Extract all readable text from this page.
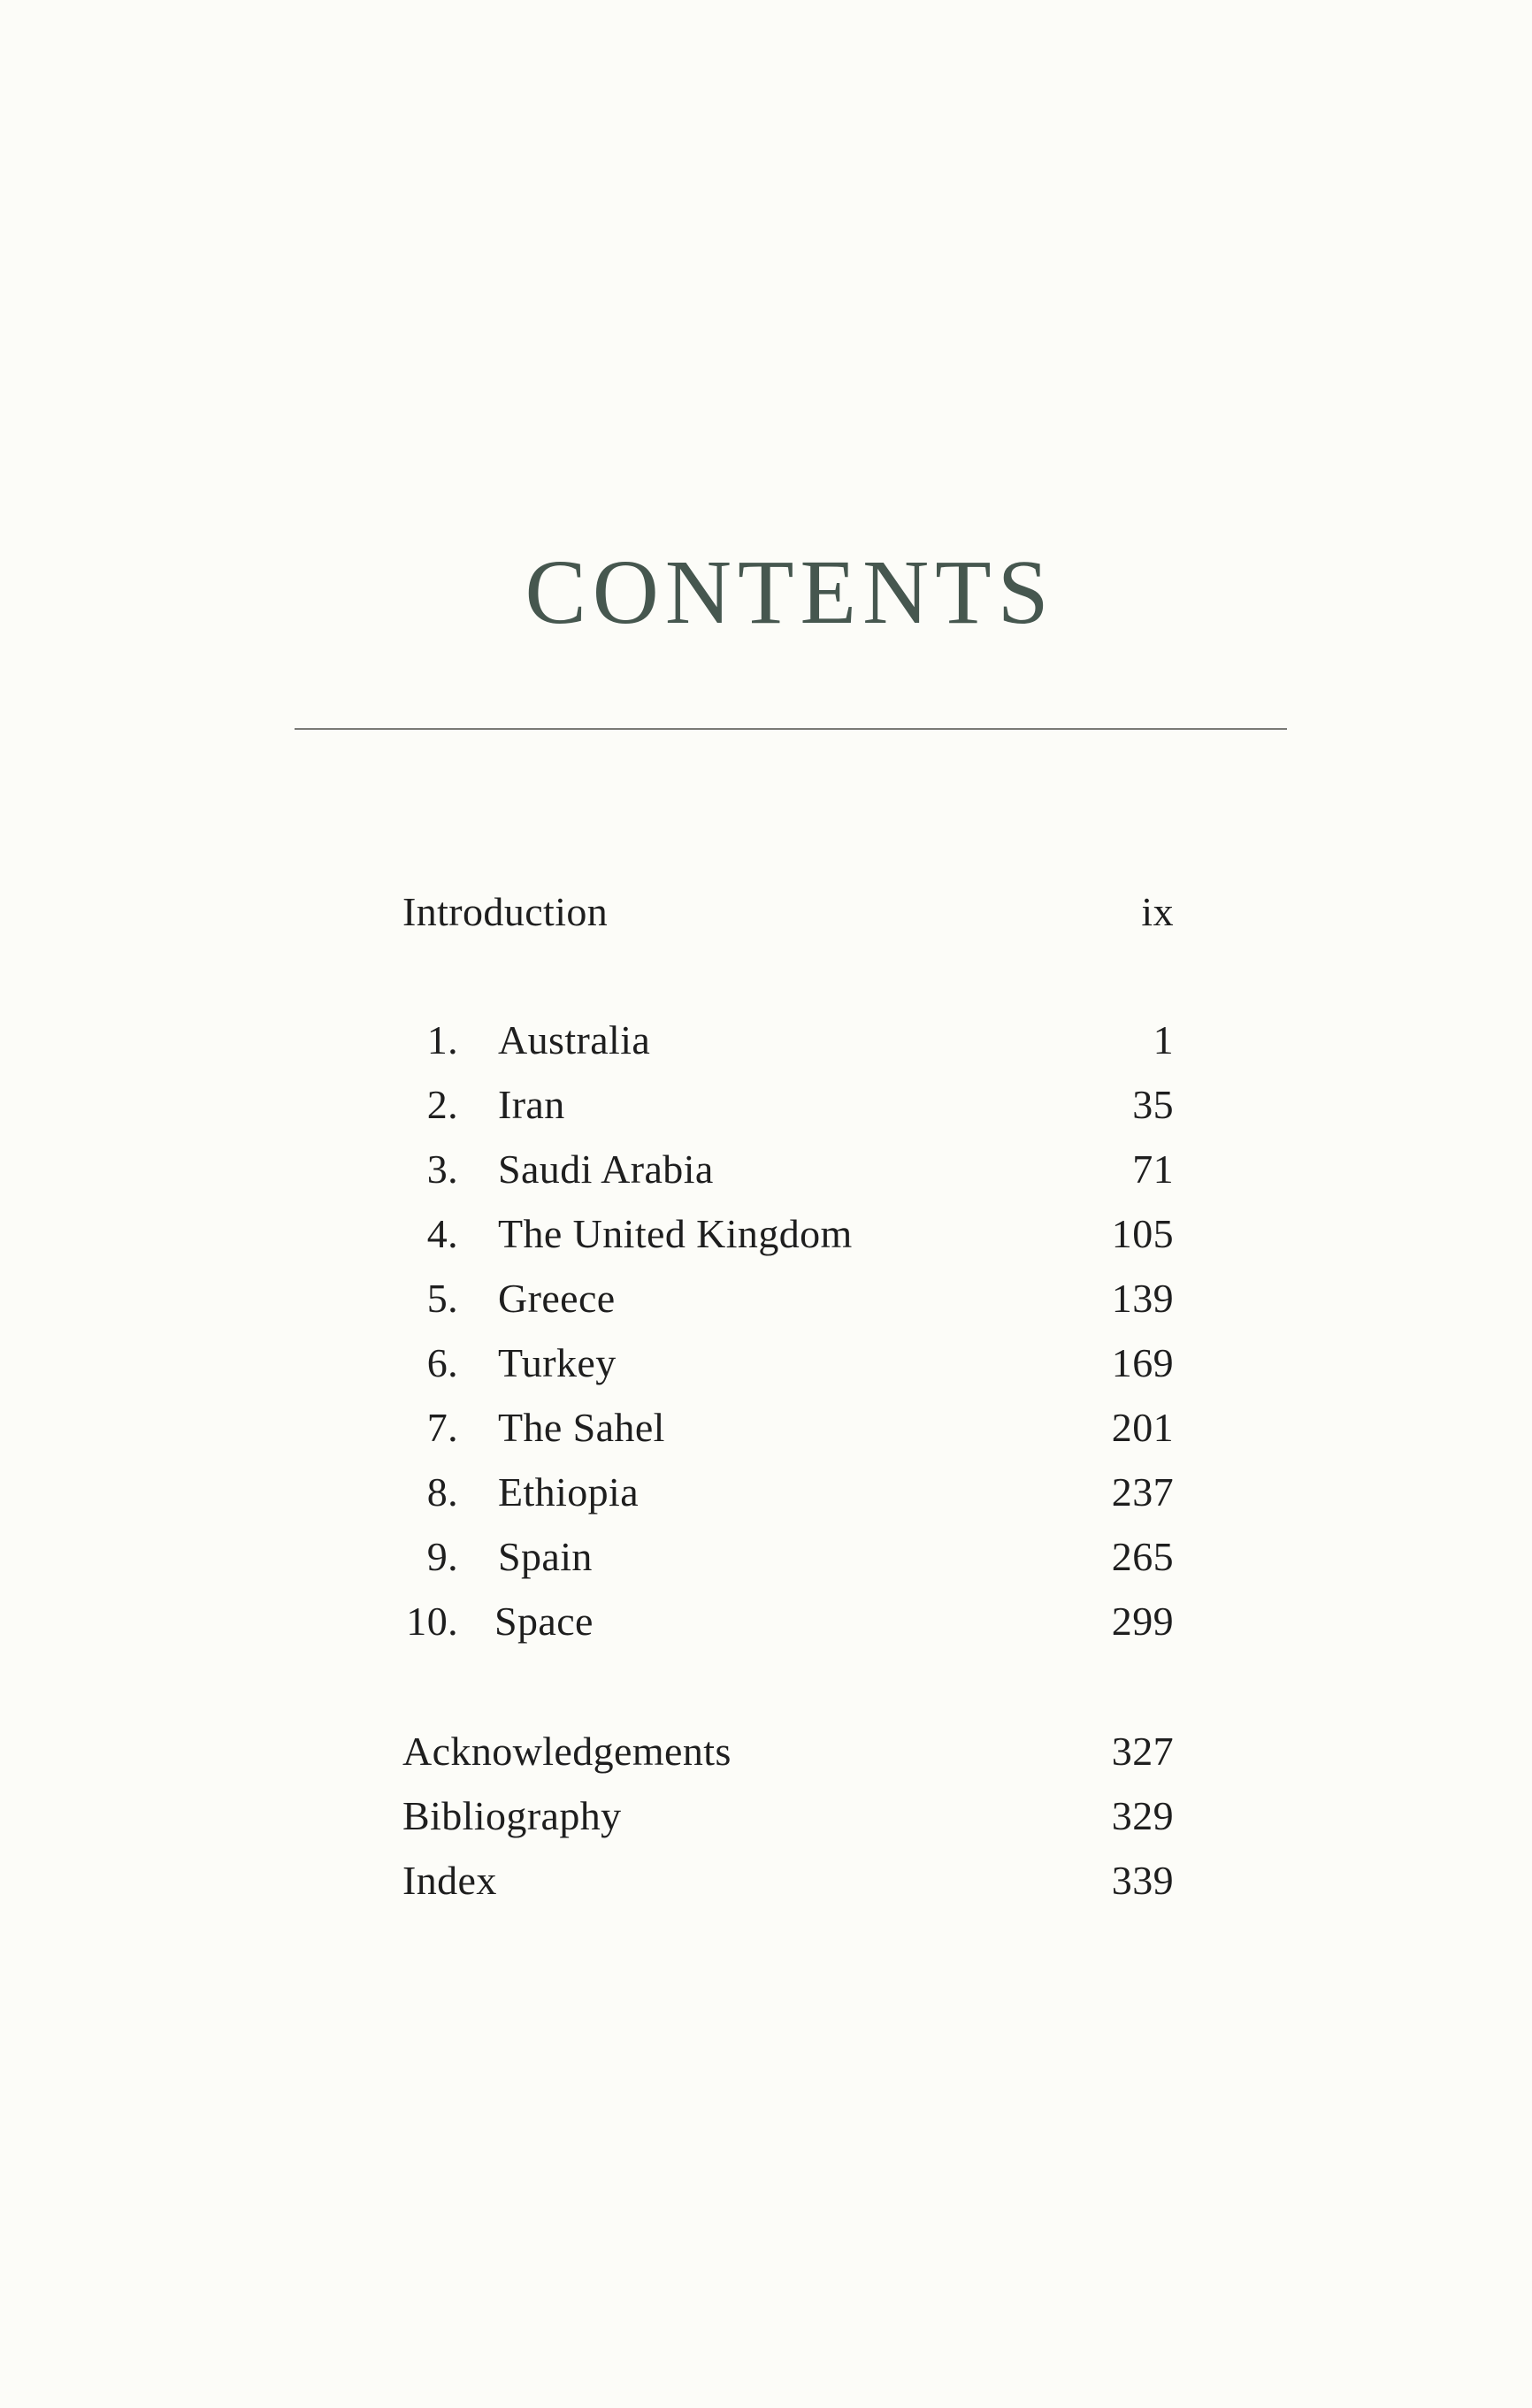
CONTENTS
Introduction	ix
1. Australia	1
2. Iran	35
3. Saudi Arabia	71
4. The United Kingdom	105
5. Greece	139
6. Turkey	169
7. The Sahel	201
8. Ethiopia	237
9. Spain	265
10. Space	299
Acknowledgements	327
Bibliography	329
Index	339
